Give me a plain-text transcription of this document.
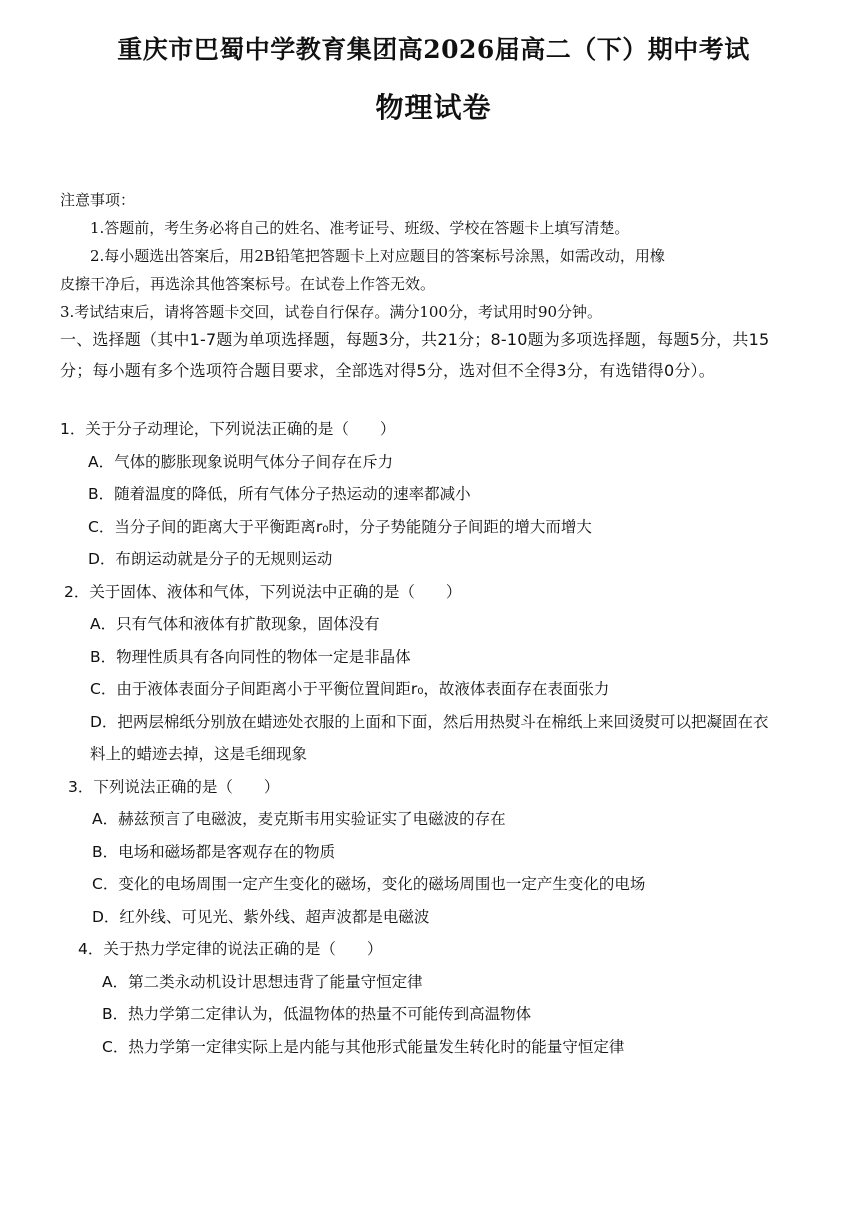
重庆市巴蜀中学教育集团高2026届高二（下）期中考试
物理试卷
注意事项：
1.答题前，考生务必将自己的姓名、准考证号、班级、学校在答题卡上填写清楚。
2.每小题选出答案后，用2B铅笔把答题卡上对应题目的答案标号涂黑，如需改动，用橡
皮擦干净后，再选涂其他答案标号。在试卷上作答无效。
3.考试结束后，请将答题卡交回，试卷自行保存。满分100分，考试用时90分钟。
一、选择题（其中1-7题为单项选择题，每题3分，共21分；8-10题为多项选择题，每题5分，共15分；每小题有多个选项符合题目要求，全部选对得5分，选对但不全得3分，有选错得0分）。
1．关于分子动理论，下列说法正确的是（　　）
A．气体的膨胀现象说明气体分子间存在斥力
B．随着温度的降低，所有气体分子热运动的速率都减小
C．当分子间的距离大于平衡距离r₀时，分子势能随分子间距的增大而增大
D．布朗运动就是分子的无规则运动
2．关于固体、液体和气体，下列说法中正确的是（　　）
A．只有气体和液体有扩散现象，固体没有
B．物理性质具有各向同性的物体一定是非晶体
C．由于液体表面分子间距离小于平衡位置间距r₀，故液体表面存在表面张力
D．把两层棉纸分别放在蜡迹处衣服的上面和下面，然后用热熨斗在棉纸上来回烫熨可以把凝固在衣料上的蜡迹去掉，这是毛细现象
3．下列说法正确的是（　　）
A．赫兹预言了电磁波，麦克斯韦用实验证实了电磁波的存在
B．电场和磁场都是客观存在的物质
C．变化的电场周围一定产生变化的磁场，变化的磁场周围也一定产生变化的电场
D．红外线、可见光、紫外线、超声波都是电磁波
4．关于热力学定律的说法正确的是（　　）
A．第二类永动机设计思想违背了能量守恒定律
B．热力学第二定律认为，低温物体的热量不可能传到高温物体
C．热力学第一定律实际上是内能与其他形式能量发生转化时的能量守恒定律
